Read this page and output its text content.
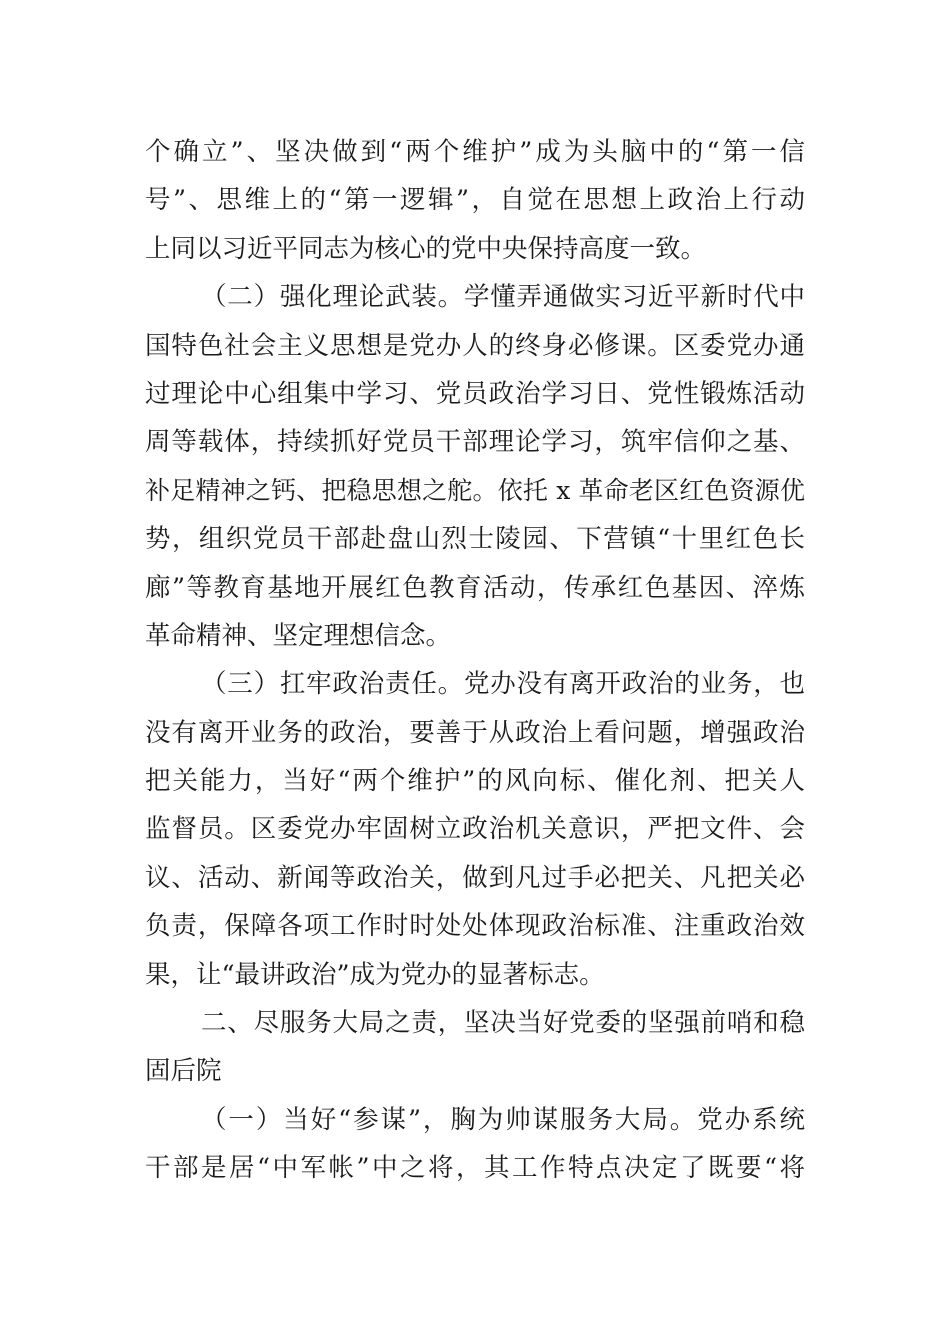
个确立”、坚决做到“两个维护”成为头脑中的“第一信
号”、思维上的“第一逻辑”，自觉在思想上政治上行动
上同以习近平同志为核心的党中央保持高度一致。
（二）强化理论武装。学懂弄通做实习近平新时代中
国特色社会主义思想是党办人的终身必修课。区委党办通
过理论中心组集中学习、党员政治学习日、党性锻炼活动
周等载体，持续抓好党员干部理论学习，筑牢信仰之基、
补足精神之钙、把稳思想之舵。依托 x 革命老区红色资源优
势，组织党员干部赴盘山烈士陵园、下营镇“十里红色长
廊”等教育基地开展红色教育活动，传承红色基因、淬炼
革命精神、坚定理想信念。
（三）扛牢政治责任。党办没有离开政治的业务，也
没有离开业务的政治，要善于从政治上看问题，增强政治
把关能力，当好“两个维护”的风向标、催化剂、把关人
监督员。区委党办牢固树立政治机关意识，严把文件、会
议、活动、新闻等政治关，做到凡过手必把关、凡把关必
负责，保障各项工作时时处处体现政治标准、注重政治效
果，让“最讲政治”成为党办的显著标志。
二、尽服务大局之责，坚决当好党委的坚强前哨和稳
固后院
（一）当好“参谋”，胸为帅谋服务大局。党办系统
干部是居“中军帐”中之将，其工作特点决定了既要“将
